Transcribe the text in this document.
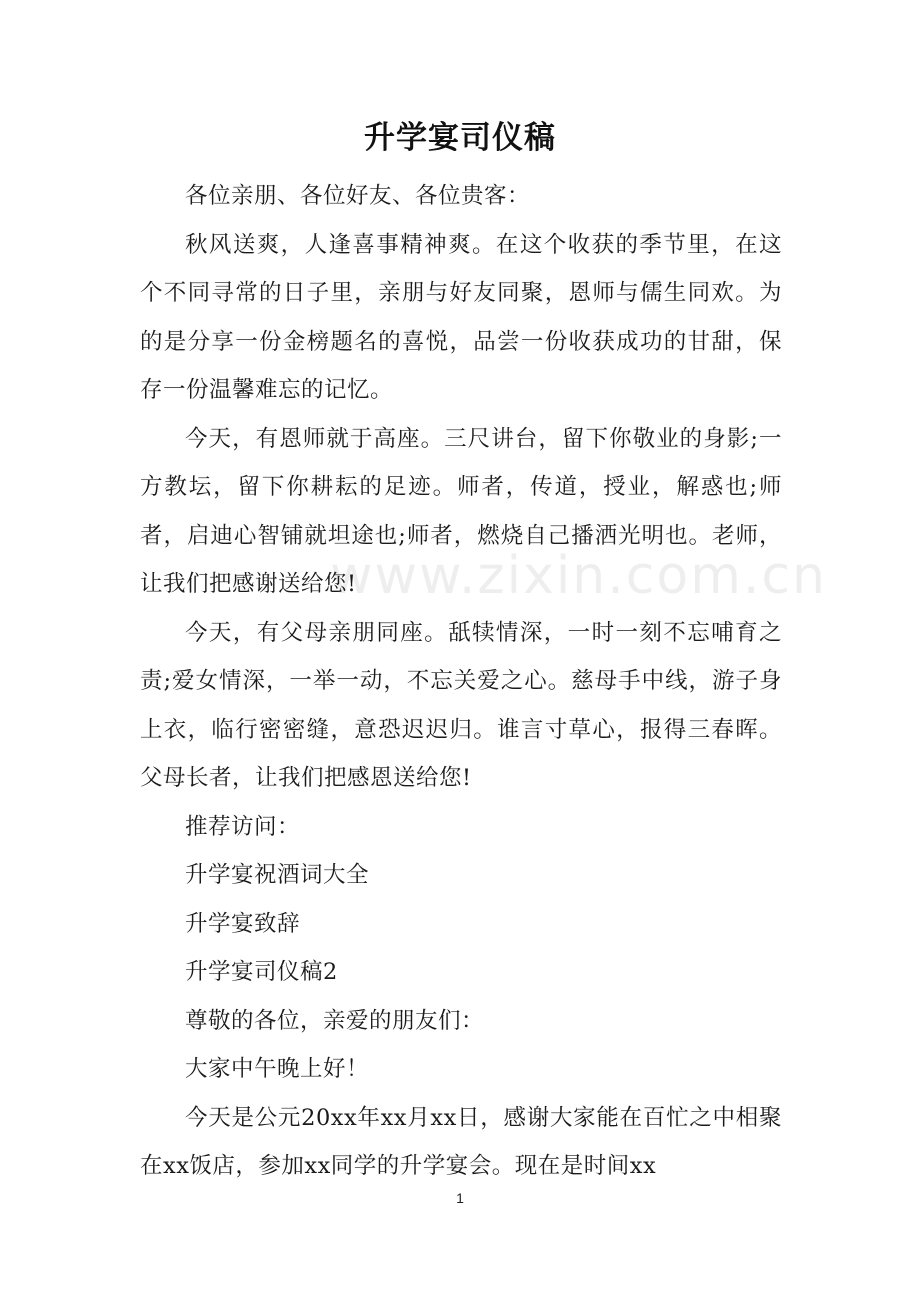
升学宴司仪稿
www.zixin.com.cn

各位亲朋、各位好友、各位贵客：

秋风送爽，人逢喜事精神爽。在这个收获的季节里，在这个不同寻常的日子里，亲朋与好友同聚，恩师与儒生同欢。为的是分享一份金榜题名的喜悦，品尝一份收获成功的甘甜，保存一份温馨难忘的记忆。

今天，有恩师就于高座。三尺讲台，留下你敬业的身影;一方教坛，留下你耕耘的足迹。师者，传道，授业，解惑也;师者，启迪心智铺就坦途也;师者，燃烧自己播洒光明也。老师，让我们把感谢送给您!

今天，有父母亲朋同座。舐犊情深，一时一刻不忘哺育之责;爱女情深，一举一动，不忘关爱之心。慈母手中线，游子身上衣，临行密密缝，意恐迟迟归。谁言寸草心，报得三春晖。父母长者，让我们把感恩送给您!

推荐访问：

升学宴祝酒词大全

升学宴致辞

升学宴司仪稿2

尊敬的各位，亲爱的朋友们：

大家中午晚上好！

今天是公元20xx年xx月xx日，感谢大家能在百忙之中相聚在xx饭店，参加xx同学的升学宴会。现在是时间xx

1
